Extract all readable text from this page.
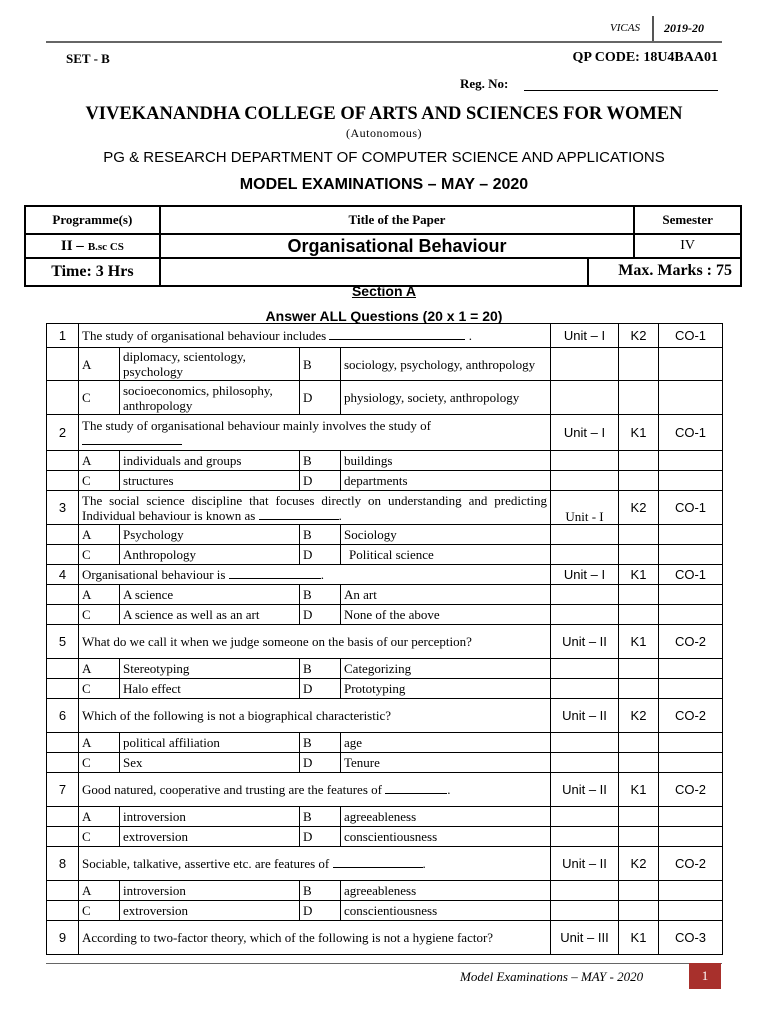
VICAS 2019-20
SET - B	QP CODE: 18U4BAA01
Reg. No:
VIVEKANANDHA COLLEGE OF ARTS AND SCIENCES FOR WOMEN
(Autonomous)
PG & RESEARCH DEPARTMENT OF COMPUTER SCIENCE AND APPLICATIONS
MODEL EXAMINATIONS – MAY – 2020
Programme(s)	Title of the Paper	Semester
II – B.sc CS	Organisational Behaviour	IV
Time: 3 Hrs	Max. Marks : 75	
Section A
Answer ALL Questions (20 x 1 = 20)
1	The study of organisational behaviour includes .				Unit – I	K2	CO-1
	A	diplomacy, scientology, psychology	B	sociology, psychology, anthropology			
	C	socioeconomics, philosophy, anthropology	D	physiology, society, anthropology			
2	The study of organisational behaviour mainly involves the study of				Unit – I	K1	CO-1
	A	individuals and groups	B	buildings			
	C	structures	D	departments			
3	The social science discipline that focuses directly on understanding and predicting Individual behaviour is known as .				Unit - I	K2	CO-1
	A	Psychology	B	Sociology			
	C	Anthropology	D	Political science			
4	Organisational behaviour is .				Unit – I	K1	CO-1
	A	A science	B	An art			
	C	A science as well as an art	D	None of the above			
5	What do we call it when we judge someone on the basis of our perception?				Unit – II	K1	CO-2
	A	Stereotyping	B	Categorizing			
	C	Halo effect	D	Prototyping			
6	Which of the following is not a biographical characteristic?				Unit – II	K2	CO-2
	A	political affiliation	B	age			
	C	Sex	D	Tenure			
7	Good natured, cooperative and trusting are the features of .				Unit – II	K1	CO-2
	A	introversion	B	agreeableness			
	C	extroversion	D	conscientiousness			
8	Sociable, talkative, assertive etc. are features of .				Unit – II	K2	CO-2
	A	introversion	B	agreeableness			
	C	extroversion	D	conscientiousness			
9	According to two-factor theory, which of the following is not a hygiene factor?				Unit – III	K1	CO-3
Model Examinations – MAY - 2020	1
